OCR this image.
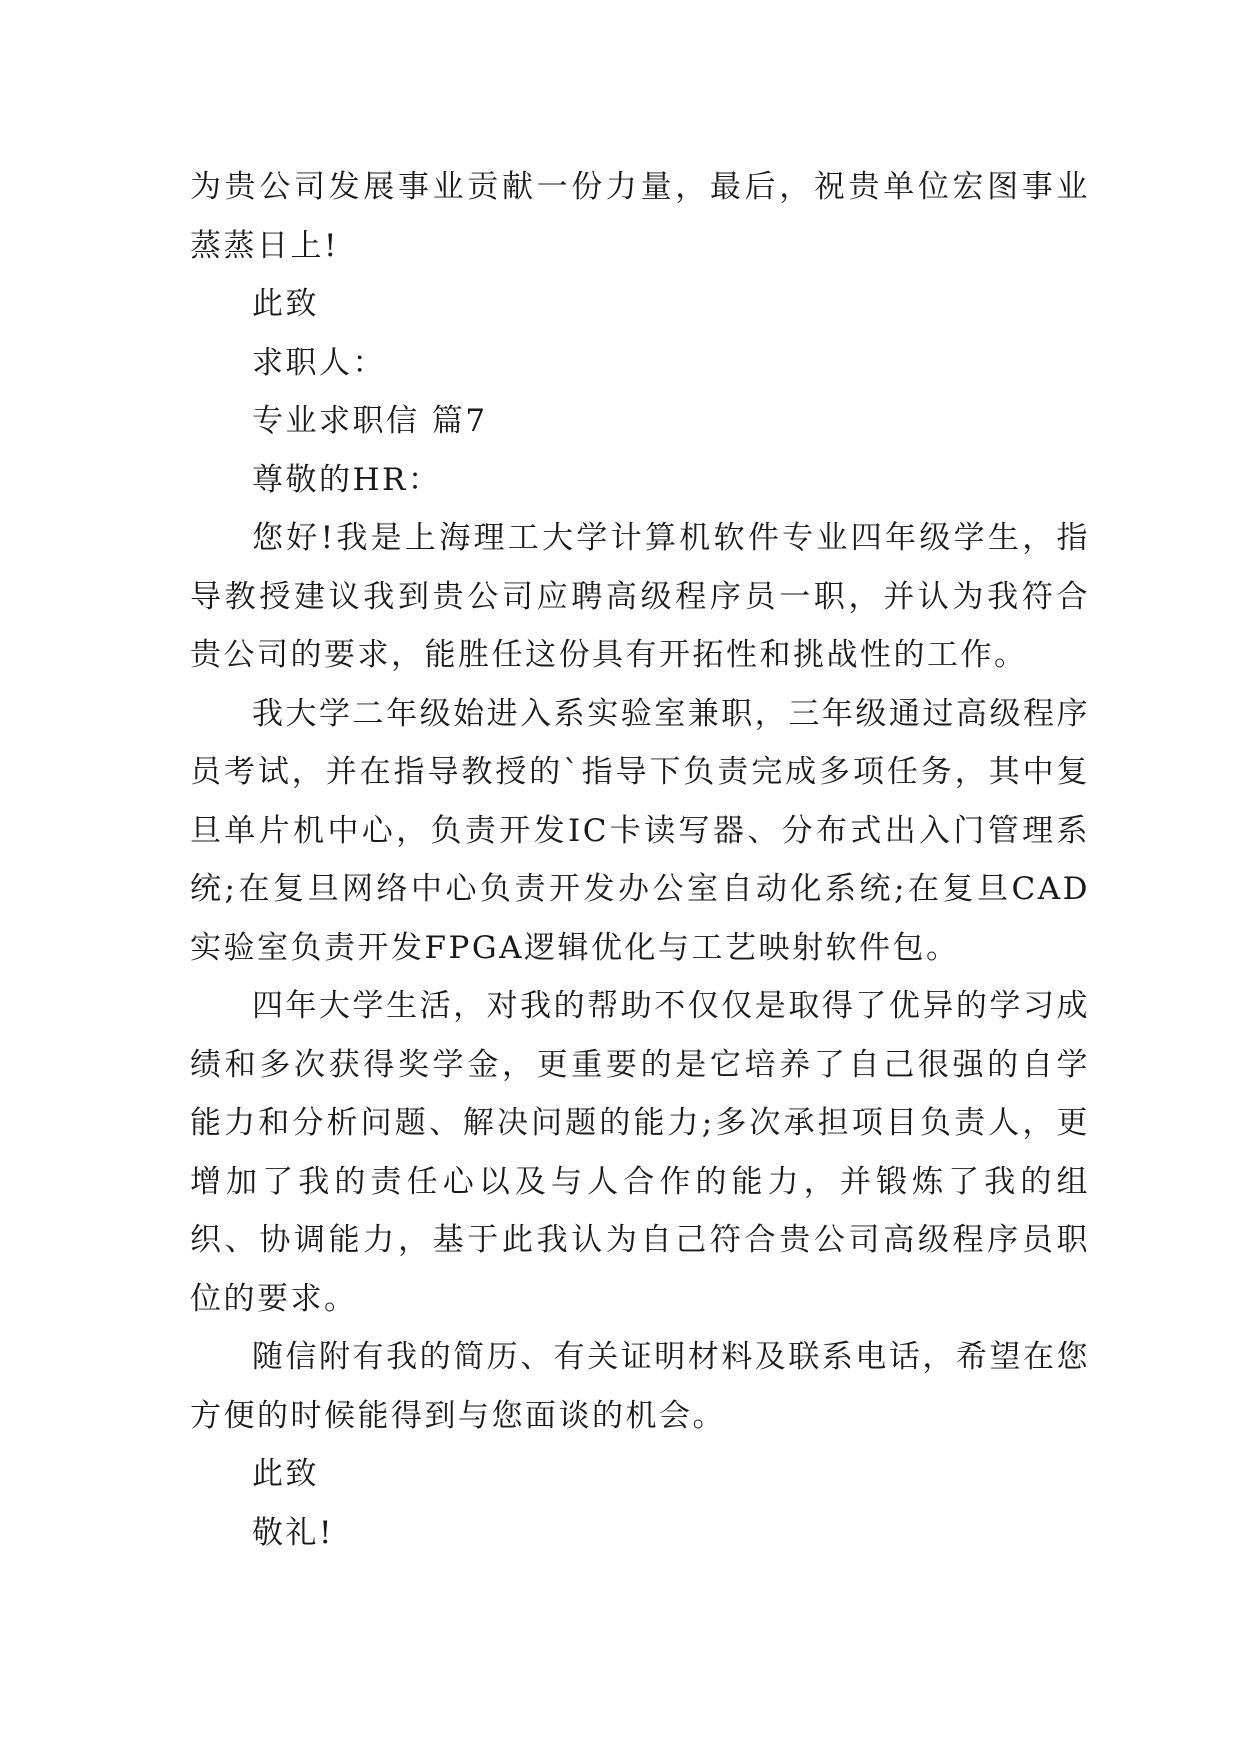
为贵公司发展事业贡献一份力量，最后，祝贵单位宏图事业蒸蒸日上!

此致

求职人：

专业求职信 篇7

尊敬的HR：

您好!我是上海理工大学计算机软件专业四年级学生，指导教授建议我到贵公司应聘高级程序员一职，并认为我符合贵公司的要求，能胜任这份具有开拓性和挑战性的工作。

我大学二年级始进入系实验室兼职，三年级通过高级程序员考试，并在指导教授的`指导下负责完成多项任务，其中复旦单片机中心，负责开发IC卡读写器、分布式出入门管理系统;在复旦网络中心负责开发办公室自动化系统;在复旦CAD实验室负责开发FPGA逻辑优化与工艺映射软件包。

四年大学生活，对我的帮助不仅仅是取得了优异的学习成绩和多次获得奖学金，更重要的是它培养了自己很强的自学能力和分析问题、解决问题的能力;多次承担项目负责人，更增加了我的责任心以及与人合作的能力，并锻炼了我的组织、协调能力，基于此我认为自己符合贵公司高级程序员职位的要求。

随信附有我的简历、有关证明材料及联系电话，希望在您方便的时候能得到与您面谈的机会。

此致

敬礼!
